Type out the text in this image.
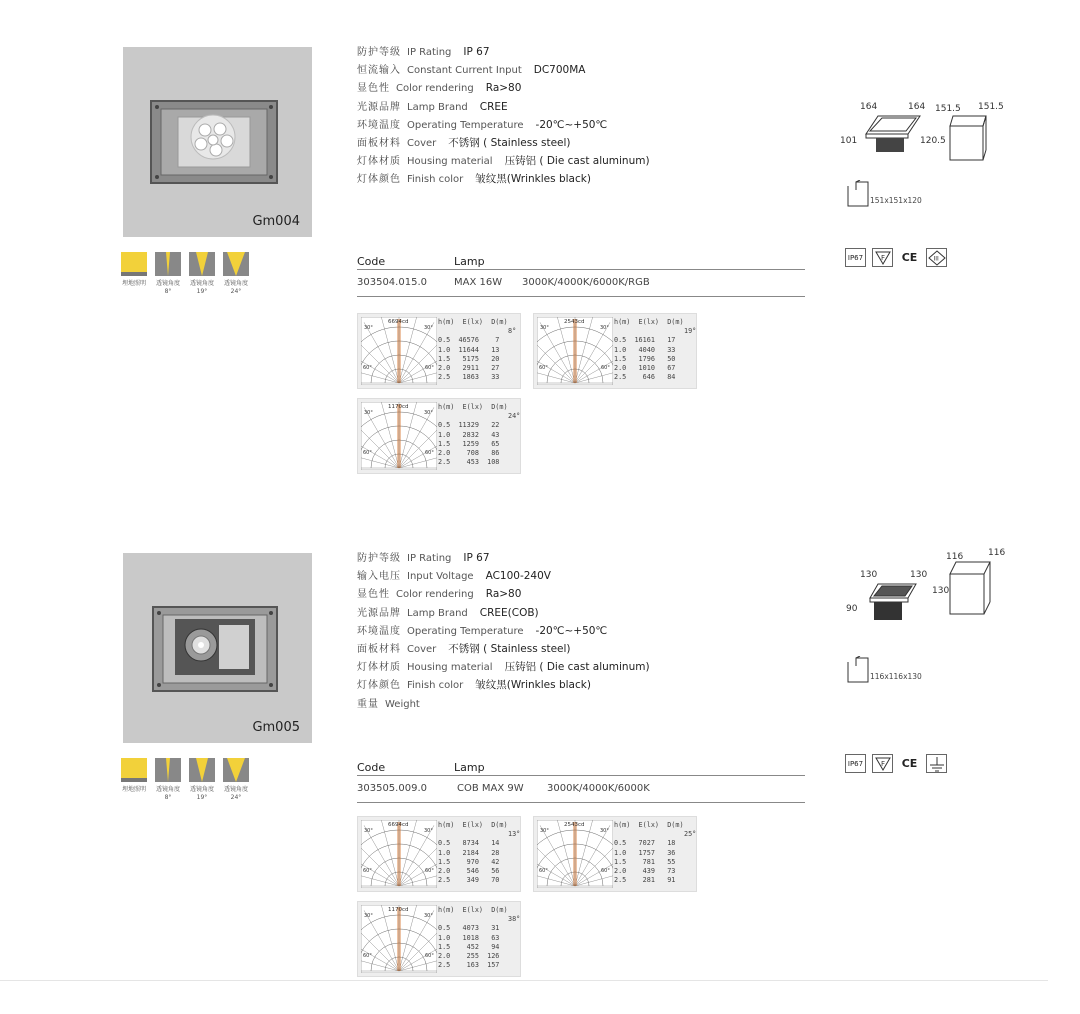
Gm004
埋地照明 透镜角度
8°
透镜角度
19°
透镜角度
24°
防护等级 IP Rating IP 67
恒流输入 Constant Current Input DC700MA
显色性 Color rendering Ra>80
光源品牌 Lamp Brand CREE
环境温度 Operating Temperature -20℃~+50℃
面板材料 Cover 不锈钢 ( Stainless steel)
灯体材质 Housing material 压铸铝 ( Die cast aluminum)
灯体颜色 Finish color 皱纹黑(Wrinkles black)
Code	Lamp
303504.015.0	MAX 16W 3000K/4000K/6000K/RGB
30°	30°
60°	60°
h(m)  E(lx)  D(m)
8°
0.5  46576    7
1.0  11644   13
1.5   5175   20
2.0   2911   27
2.5   1863   33
6694cd
30°	30°
60°	60°
h(m)  E(lx)  D(m)
19°
0.5  16161   17
1.0   4040   33
1.5   1796   50
2.0   1010   67
2.5    646   84
2543cd
30°	30°
60°	60°
h(m)  E(lx)  D(m)
24°
0.5  11329   22
1.0   2832   43
1.5   1259   65
2.0    708   86
2.5    453  108
1170cd
164	164
101
151.5 151.5
120.5
151x151x120
IP67	F CE	III
Gm005
埋地照明 透镜角度
8°
透镜角度
19°
透镜角度
24°
防护等级 IP Rating IP 67
输入电压 Input Voltage AC100-240V
显色性 Color rendering Ra>80
光源品牌 Lamp Brand CREE(COB)
环境温度 Operating Temperature -20℃~+50℃
面板材料 Cover 不锈钢 ( Stainless steel)
灯体材质 Housing material 压铸铝 ( Die cast aluminum)
灯体颜色 Finish color 皱纹黑(Wrinkles black)
重量 Weight
Code	Lamp
303505.009.0	COB MAX 9W 3000K/4000K/6000K
30°	30°
60°	60°
h(m)  E(lx)  D(m)
13°
0.5   8734   14
1.0   2184   28
1.5    970   42
2.0    546   56
2.5    349   70
6694cd
30°	30°
60°	60°
h(m)  E(lx)  D(m)
25°
0.5   7027   18
1.0   1757   36
1.5    781   55
2.0    439   73
2.5    281   91
2543cd
30°	30°
60°	60°
h(m)  E(lx)  D(m)
38°
0.5   4073   31
1.0   1018   63
1.5    452   94
2.0    255  126
2.5    163  157
1170cd
130	130
90
116	116
130
116x116x130
IP67	F CE
